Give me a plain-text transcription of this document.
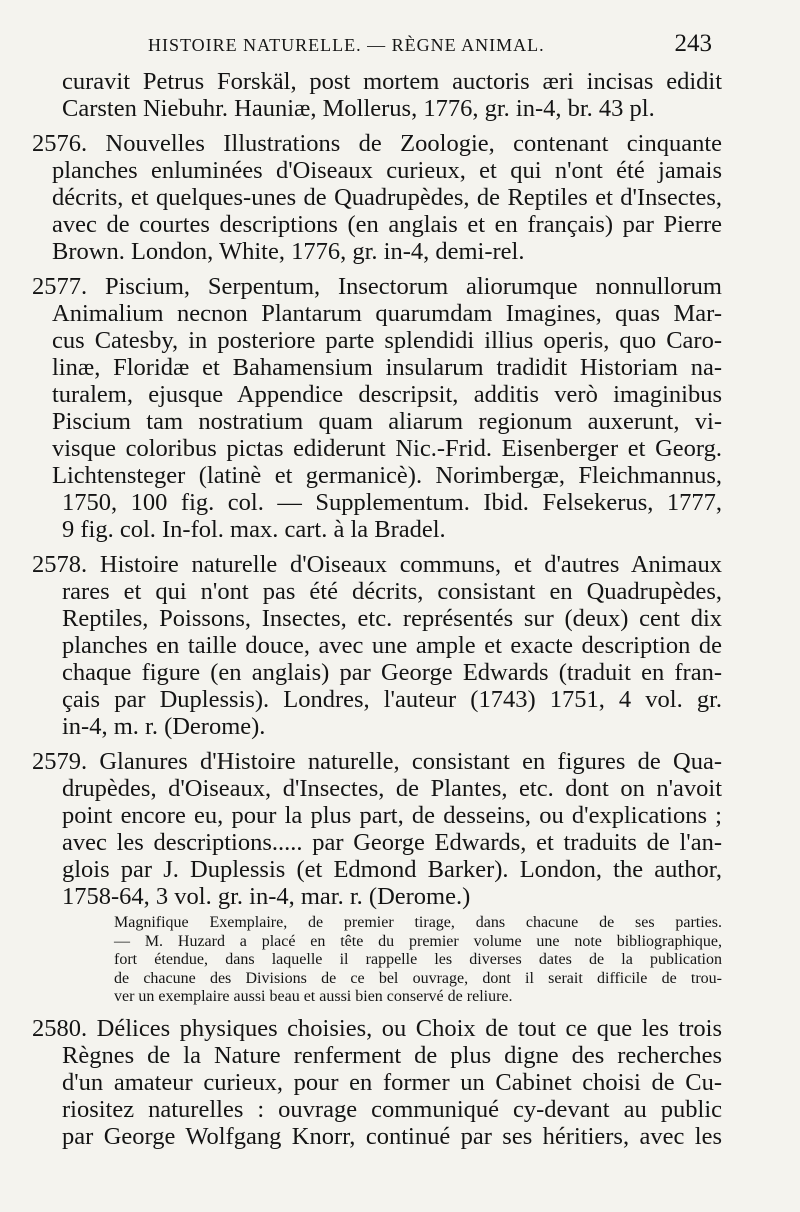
HISTOIRE NATURELLE. — RÈGNE ANIMAL.	243
curavit Petrus Forskäl, post mortem auctoris æri incisas edidit
Carsten Niebuhr. Hauniæ, Mollerus, 1776, gr. in-4, br. 43 pl.
2576. Nouvelles Illustrations de Zoologie, contenant cinquante
planches enluminées d'Oiseaux curieux, et qui n'ont été jamais
décrits, et quelques-unes de Quadrupèdes, de Reptiles et d'Insectes,
avec de courtes descriptions (en anglais et en français) par Pierre
Brown. London, White, 1776, gr. in-4, demi-rel.
2577. Piscium, Serpentum, Insectorum aliorumque nonnullorum
Animalium necnon Plantarum quarumdam Imagines, quas Mar-
cus Catesby, in posteriore parte splendidi illius operis, quo Caro-
linæ, Floridæ et Bahamensium insularum tradidit Historiam na-
turalem, ejusque Appendice descripsit, additis verò imaginibus
Piscium tam nostratium quam aliarum regionum auxerunt, vi-
visque coloribus pictas ediderunt Nic.-Frid. Eisenberger et Georg.
Lichtensteger (latinè et germanicè). Norimbergæ, Fleichmannus,
1750, 100 fig. col. — Supplementum. Ibid. Felsekerus, 1777,
9 fig. col. In-fol. max. cart. à la Bradel.
2578. Histoire naturelle d'Oiseaux communs, et d'autres Animaux
rares et qui n'ont pas été décrits, consistant en Quadrupèdes,
Reptiles, Poissons, Insectes, etc. représentés sur (deux) cent dix
planches en taille douce, avec une ample et exacte description de
chaque figure (en anglais) par George Edwards (traduit en fran-
çais par Duplessis). Londres, l'auteur (1743) 1751, 4 vol. gr.
in-4, m. r. (Derome).
2579. Glanures d'Histoire naturelle, consistant en figures de Qua-
drupèdes, d'Oiseaux, d'Insectes, de Plantes, etc. dont on n'avoit
point encore eu, pour la plus part, de desseins, ou d'explications ;
avec les descriptions..... par George Edwards, et traduits de l'an-
glois par J. Duplessis (et Edmond Barker). London, the author,
1758-64, 3 vol. gr. in-4, mar. r. (Derome.)
Magnifique Exemplaire, de premier tirage, dans chacune de ses parties.
— M. Huzard a placé en tête du premier volume une note bibliographique,
fort étendue, dans laquelle il rappelle les diverses dates de la publication
de chacune des Divisions de ce bel ouvrage, dont il serait difficile de trou-
ver un exemplaire aussi beau et aussi bien conservé de reliure.
2580. Délices physiques choisies, ou Choix de tout ce que les trois
Règnes de la Nature renferment de plus digne des recherches
d'un amateur curieux, pour en former un Cabinet choisi de Cu-
riositez naturelles : ouvrage communiqué cy-devant au public
par George Wolfgang Knorr, continué par ses héritiers, avec les
